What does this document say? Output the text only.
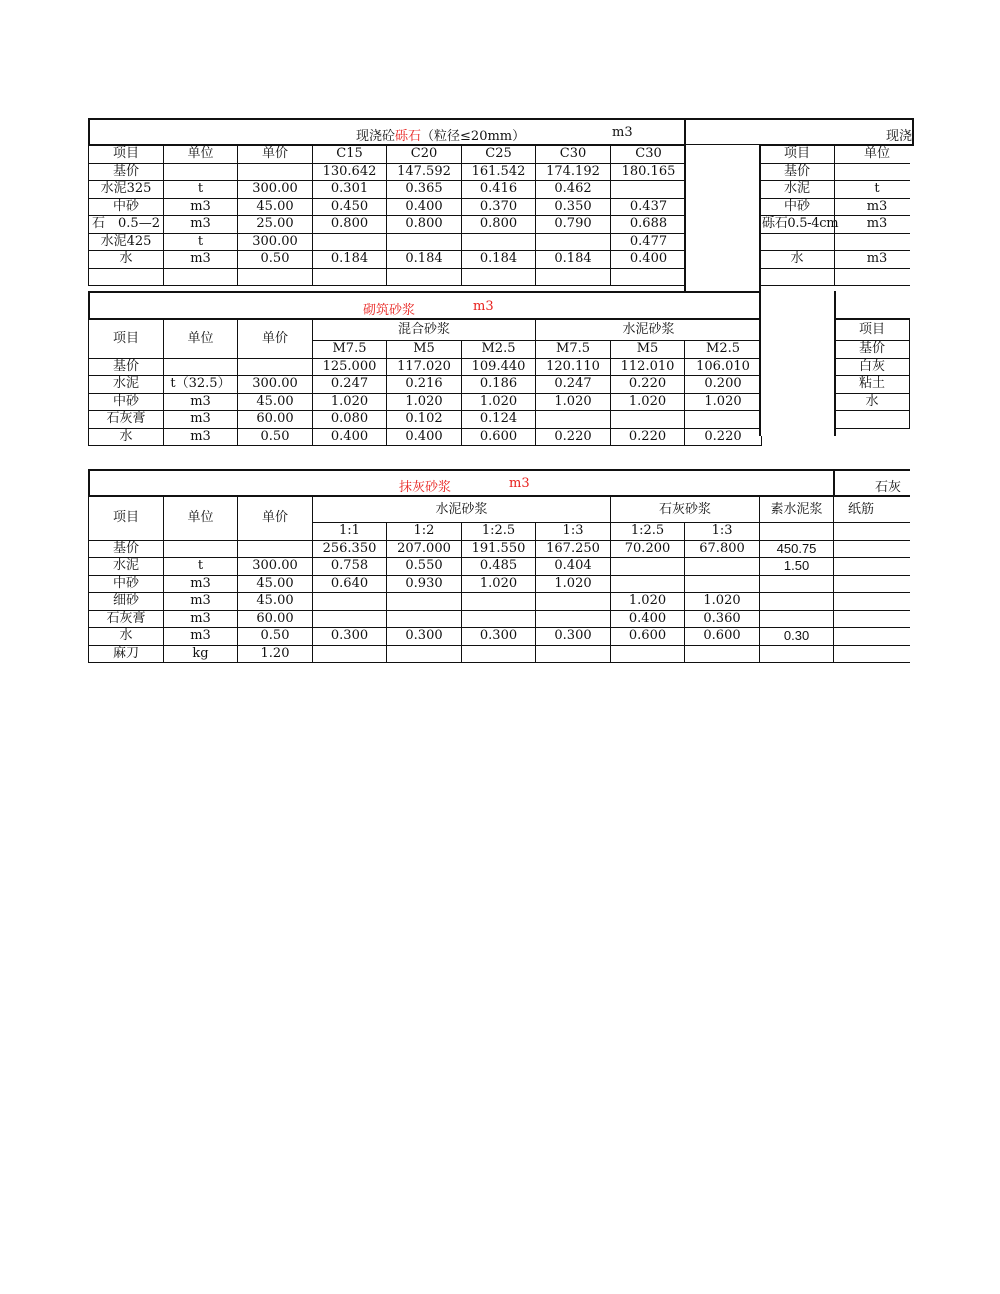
现浇砼砾石（粒径≤20mm）	m3	现浇
项目	单位	单价	C15	C20	C25	C30	C30
基价			130.642	147.592	161.542	174.192	180.165
水泥325	t	300.00	0.301	0.365	0.416	0.462	
中砂	m3	45.00	0.450	0.400	0.370	0.350	0.437
石　0.5—2	m3	25.00	0.800	0.800	0.800	0.790	0.688
水泥425	t	300.00					0.477
水	m3	0.50	0.184	0.184	0.184	0.184	0.400

项目	单位
基价	
水泥	t
中砂	m3
砾石0.5-4cm	m3

水	m3

砌筑砂浆	m3
项目	单位	单价	混合砂浆			水泥砂浆		
			M7.5	M5	M2.5	M7.5	M5	M2.5
基价			125.000	117.020	109.440	120.110	112.010	106.010
水泥	t（32.5）	300.00	0.247	0.216	0.186	0.247	0.220	0.200
中砂	m3	45.00	1.020	1.020	1.020	1.020	1.020	1.020
石灰膏	m3	60.00	0.080	0.102	0.124			
水	m3	0.50	0.400	0.400	0.600	0.220	0.220	0.220
项目	
基价	
白灰	
粘土	
水	

抹灰砂浆	m3	石灰
项目	单位	单价	水泥砂浆				石灰砂浆		素水泥浆	纸筋
			1:1	1:2	1:2.5	1:3	1:2.5	1:3		
基价			256.350	207.000	191.550	167.250	70.200	67.800	450.75	
水泥	t	300.00	0.758	0.550	0.485	0.404			1.50	
中砂	m3	45.00	0.640	0.930	1.020	1.020				
细砂	m3	45.00					1.020	1.020		
石灰膏	m3	60.00					0.400	0.360		
水	m3	0.50	0.300	0.300	0.300	0.300	0.600	0.600	0.30	
麻刀	kg	1.20								
